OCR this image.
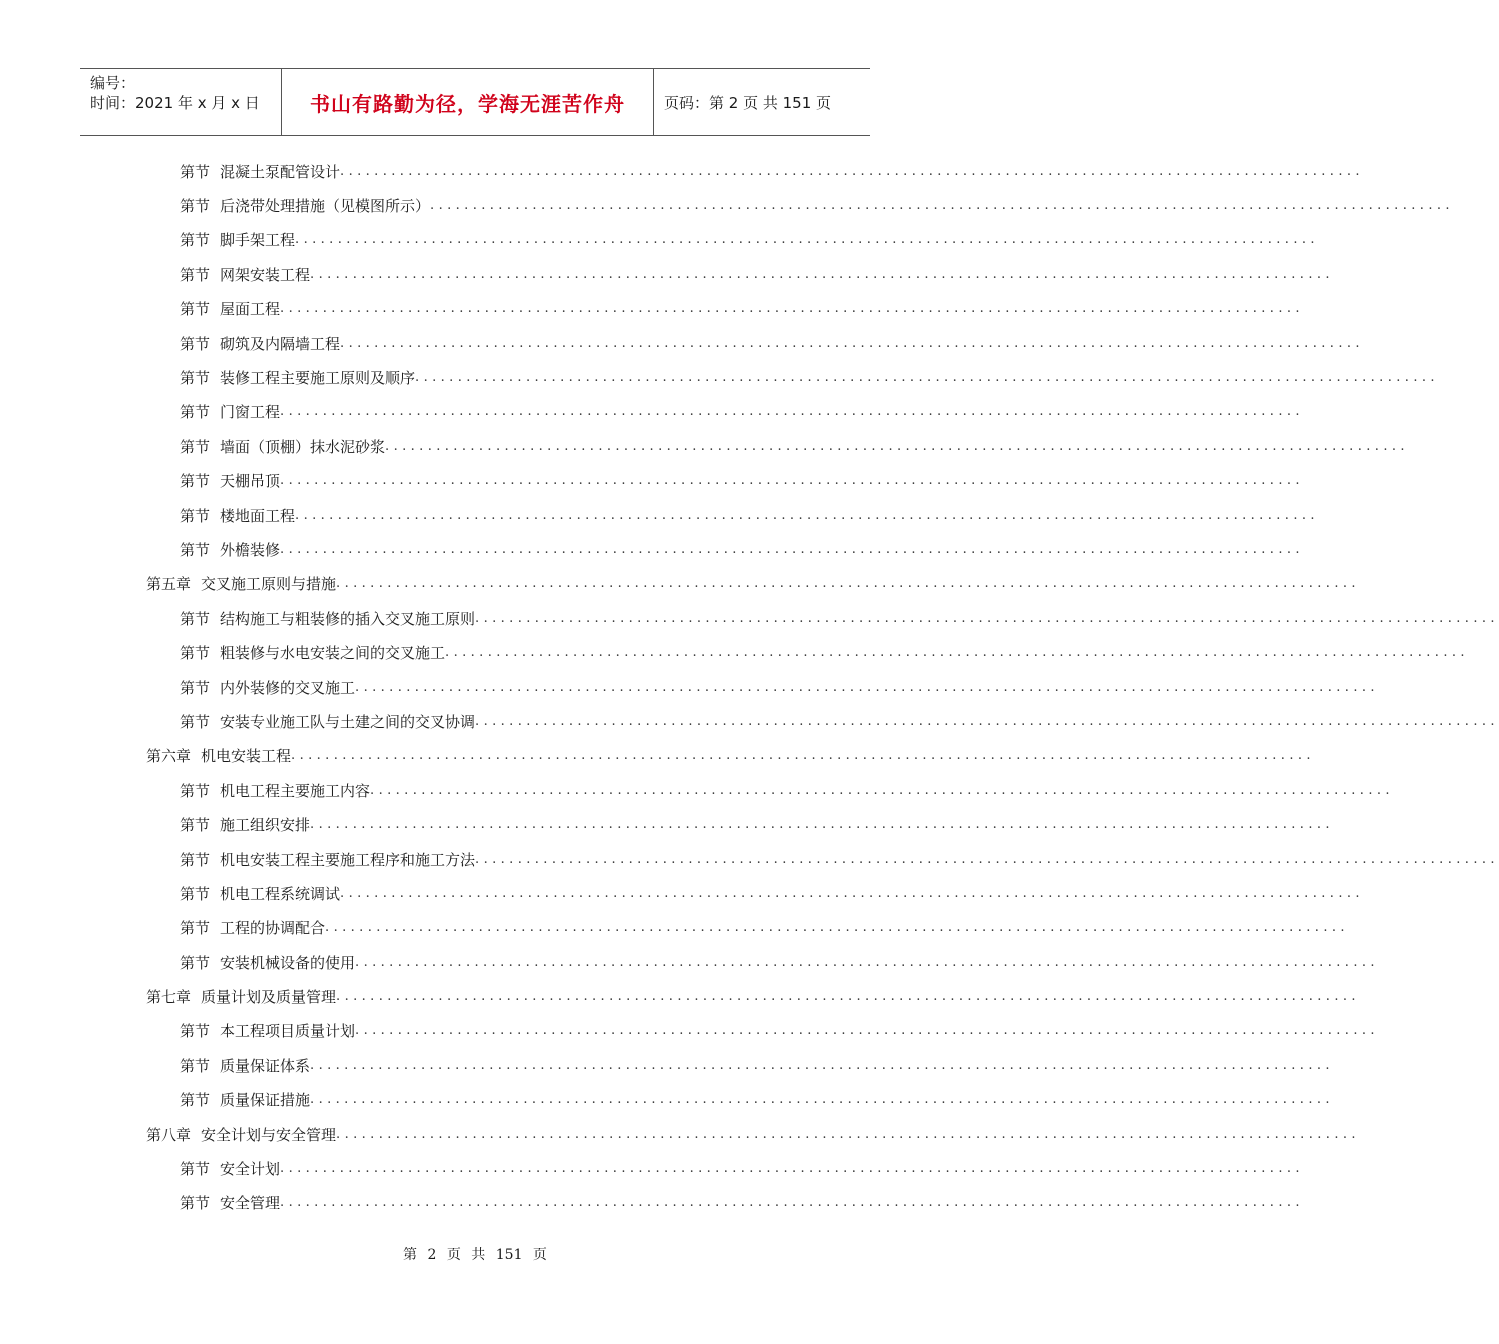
编号：
时间：2021 年 x 月 x 日	书山有路勤为径，学海无涯苦作舟	页码：第 2 页 共 151 页
第节 混凝土泵配管设计 ........................................................................................................................
第节 后浇带处理措施（见模图所示） ........................................................................................................................
第节 脚手架工程 ........................................................................................................................
第节 网架安装工程 ........................................................................................................................
第节 屋面工程 ........................................................................................................................
第节 砌筑及内隔墙工程 ........................................................................................................................
第节 装修工程主要施工原则及顺序 ........................................................................................................................
第节 门窗工程 ........................................................................................................................
第节 墙面（顶棚）抹水泥砂浆 ........................................................................................................................
第节 天棚吊顶 ........................................................................................................................
第节 楼地面工程 ........................................................................................................................
第节 外檐装修 ........................................................................................................................
第五章 交叉施工原则与措施 ........................................................................................................................
第节 结构施工与粗装修的插入交叉施工原则 ........................................................................................................................
第节 粗装修与水电安装之间的交叉施工 ........................................................................................................................
第节 内外装修的交叉施工 ........................................................................................................................
第节 安装专业施工队与土建之间的交叉协调 ........................................................................................................................
第六章 机电安装工程 ........................................................................................................................
第节 机电工程主要施工内容 ........................................................................................................................
第节 施工组织安排 ........................................................................................................................
第节 机电安装工程主要施工程序和施工方法 ........................................................................................................................
第节 机电工程系统调试 ........................................................................................................................
第节 工程的协调配合 ........................................................................................................................
第节 安装机械设备的使用 ........................................................................................................................
第七章 质量计划及质量管理 ........................................................................................................................
第节 本工程项目质量计划 ........................................................................................................................
第节 质量保证体系 ........................................................................................................................
第节 质量保证措施 ........................................................................................................................
第八章 安全计划与安全管理 ........................................................................................................................
第节 安全计划 ........................................................................................................................
第节 安全管理 ........................................................................................................................
第 2 页 共 151 页
